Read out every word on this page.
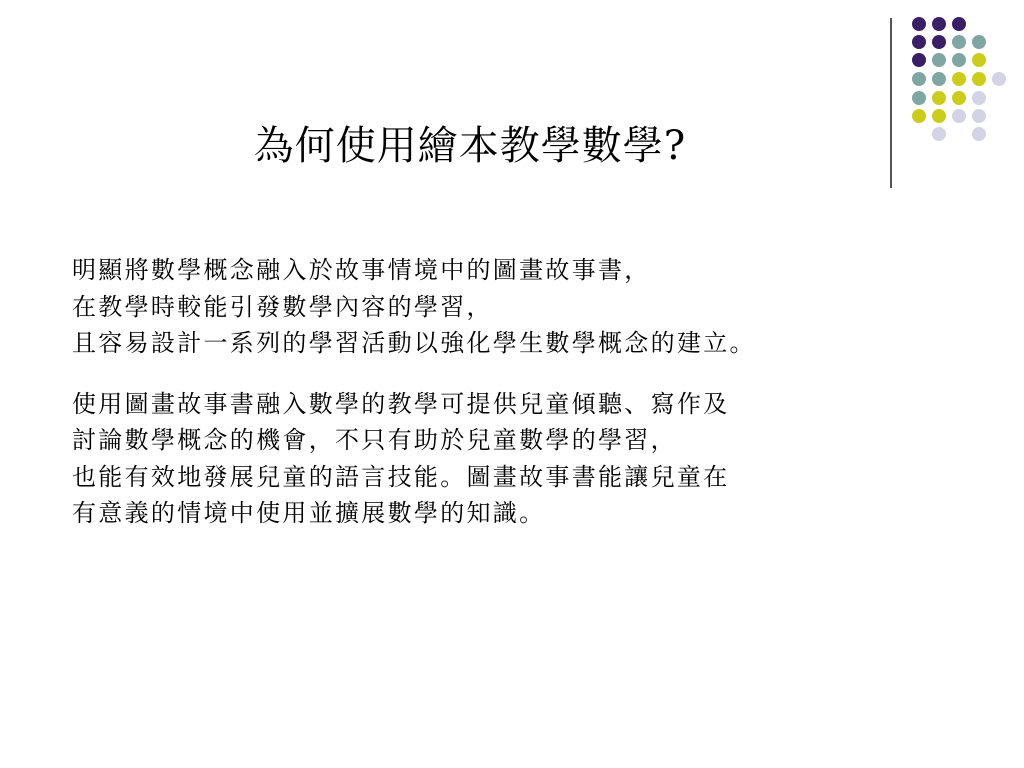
為何使用繪本教學數學?

明顯將數學概念融入於故事情境中的圖畫故事書，
在教學時較能引發數學內容的學習，
且容易設計一系列的學習活動以強化學生數學概念的建立。

使用圖畫故事書融入數學的教學可提供兒童傾聽、寫作及
討論數學概念的機會，不只有助於兒童數學的學習，
也能有效地發展兒童的語言技能。圖畫故事書能讓兒童在
有意義的情境中使用並擴展數學的知識。
